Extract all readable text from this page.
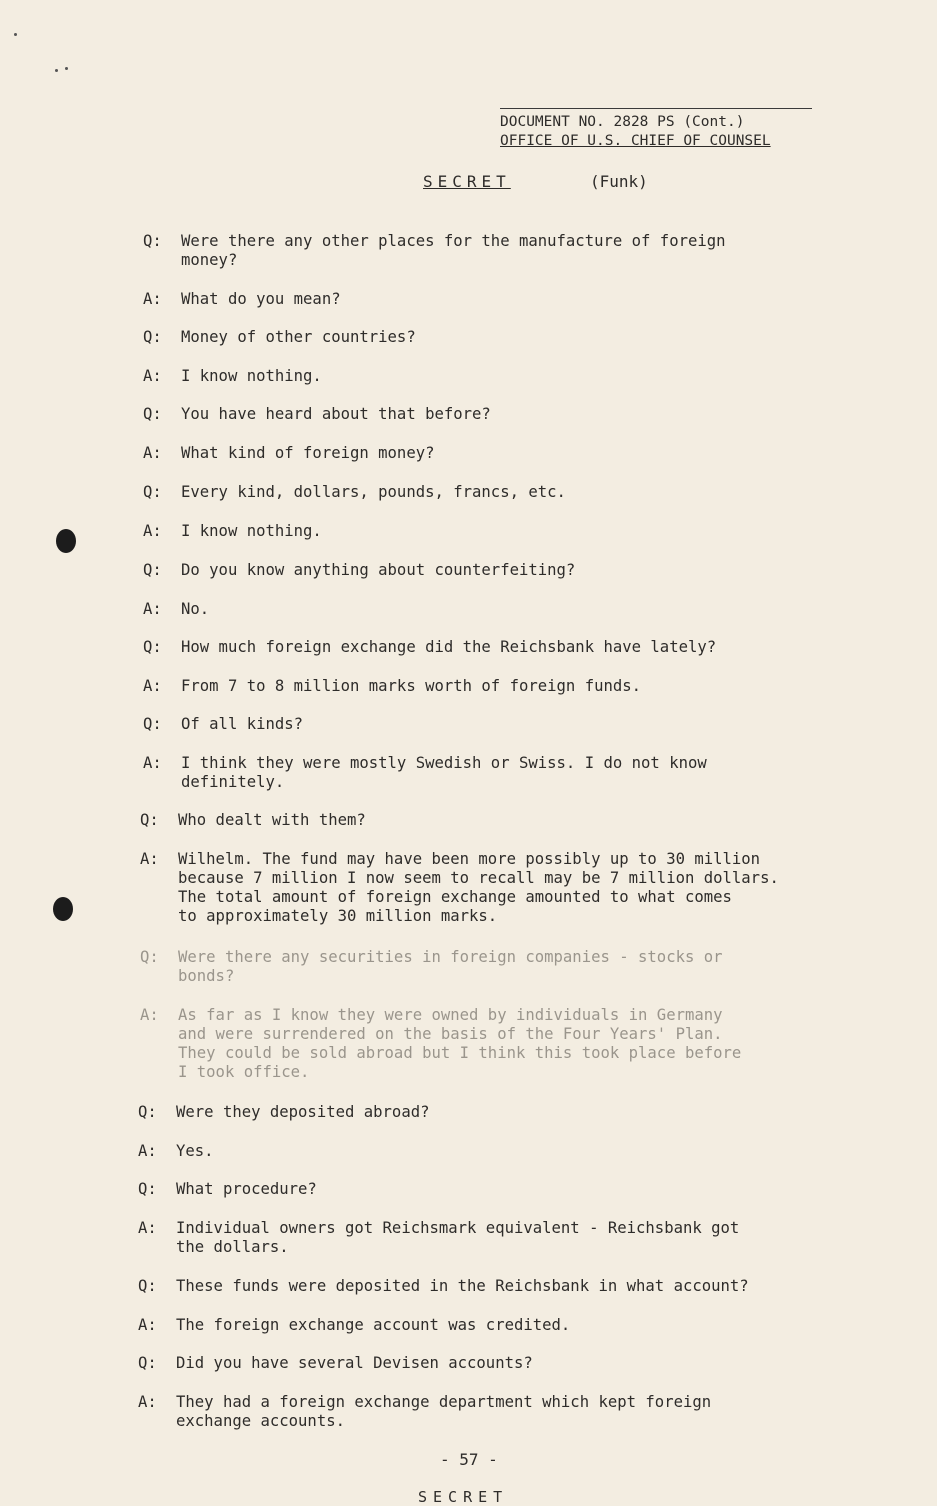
DOCUMENT NO. 2828 PS (Cont.)
OFFICE OF U.S. CHIEF OF COUNSEL
SECRET	(Funk)
Q:	Were there any other places for the manufacture of foreign
money?
A:	What do you mean?
Q:	Money of other countries?
A:	I know nothing.
Q:	You have heard about that before?
A:	What kind of foreign money?
Q:	Every kind, dollars, pounds, francs, etc.
A:	I know nothing.
Q:	Do you know anything about counterfeiting?
A:	No.
Q:	How much foreign exchange did the Reichsbank have lately?
A:	From 7 to 8 million marks worth of foreign funds.
Q:	Of all kinds?
A:	I think they were mostly Swedish or Swiss. I do not know
definitely.
Q:	Who dealt with them?
A:	Wilhelm. The fund may have been more possibly up to 30 million
because 7 million I now seem to recall may be 7 million dollars.
The total amount of foreign exchange amounted to what comes
to approximately 30 million marks.
Q:	Were there any securities in foreign companies - stocks or
bonds?
A:	As far as I know they were owned by individuals in Germany
and were surrendered on the basis of the Four Years' Plan.
They could be sold abroad but I think this took place before
I took office.
Q:	Were they deposited abroad?
A:	Yes.
Q:	What procedure?
A:	Individual owners got Reichsmark equivalent - Reichsbank got
the dollars.
Q:	These funds were deposited in the Reichsbank in what account?
A:	The foreign exchange account was credited.
Q:	Did you have several Devisen accounts?
A:	They had a foreign exchange department which kept foreign
exchange accounts.
- 57 -
SECRET
